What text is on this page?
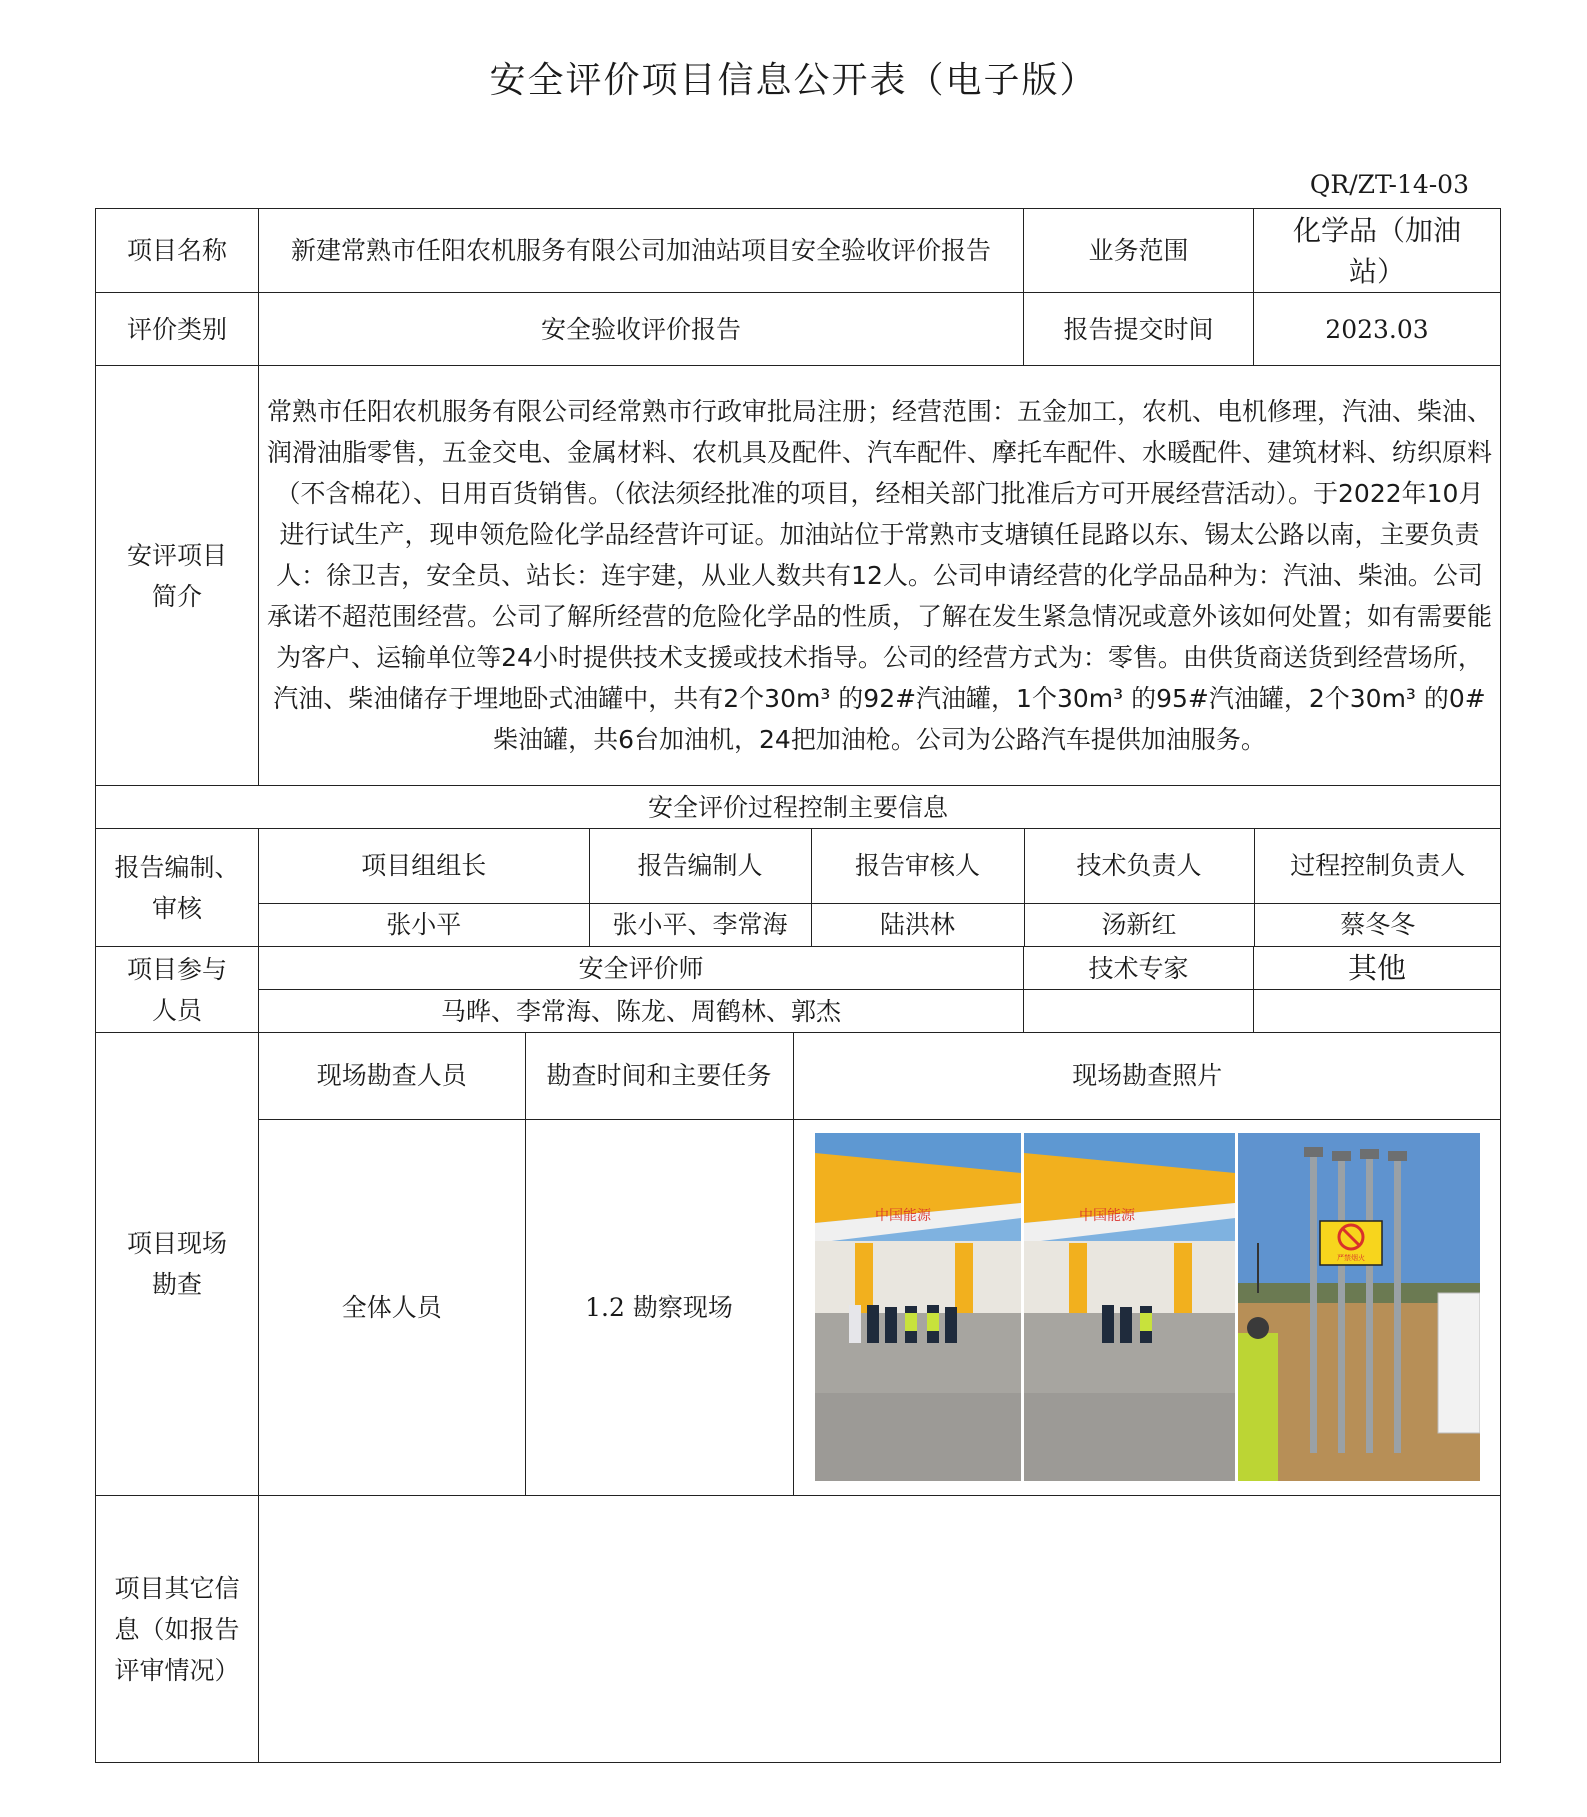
安全评价项目信息公开表（电子版）
QR/ZT-14-03
项目名称	新建常熟市任阳农机服务有限公司加油站项目安全验收评价报告	业务范围	化学品（加油站）
评价类别	安全验收评价报告	报告提交时间	2023.03
安评项目简介	常熟市任阳农机服务有限公司经常熟市行政审批局注册；经营范围：五金加工，农机、电机修理，汽油、柴油、润滑油脂零售，五金交电、金属材料、农机具及配件、汽车配件、摩托车配件、水暖配件、建筑材料、纺织原料（不含棉花）、日用百货销售。（依法须经批准的项目，经相关部门批准后方可开展经营活动）。于2022年10月进行试生产，现申领危险化学品经营许可证。加油站位于常熟市支塘镇任昆路以东、锡太公路以南，主要负责人：徐卫吉，安全员、站长：连宇建，从业人数共有12人。公司申请经营的化学品品种为：汽油、柴油。公司承诺不超范围经营。公司了解所经营的危险化学品的性质，了解在发生紧急情况或意外该如何处置；如有需要能为客户、运输单位等24小时提供技术支援或技术指导。公司的经营方式为：零售。由供货商送货到经营场所，汽油、柴油储存于埋地卧式油罐中，共有2个30m³ 的92#汽油罐，1个30m³ 的95#汽油罐，2个30m³ 的0#柴油罐，共6台加油机，24把加油枪。公司为公路汽车提供加油服务。
安全评价过程控制主要信息
报告编制、审核	
项目组组长	报告编制人	报告审核人	技术负责人	过程控制负责人
张小平	张小平、李常海	陆洪林	汤新红	蔡冬冬

项目参与人员	安全评价师	技术专家	其他
马晔、李常海、陈龙、周鹤林、郭杰		
项目现场勘查	
现场勘查人员	勘查时间和主要任务	现场勘查照片
全体人员	1.2 勘察现场	
中国能源	中国能源
严禁烟火

项目其它信息（如报告评审情况）	
